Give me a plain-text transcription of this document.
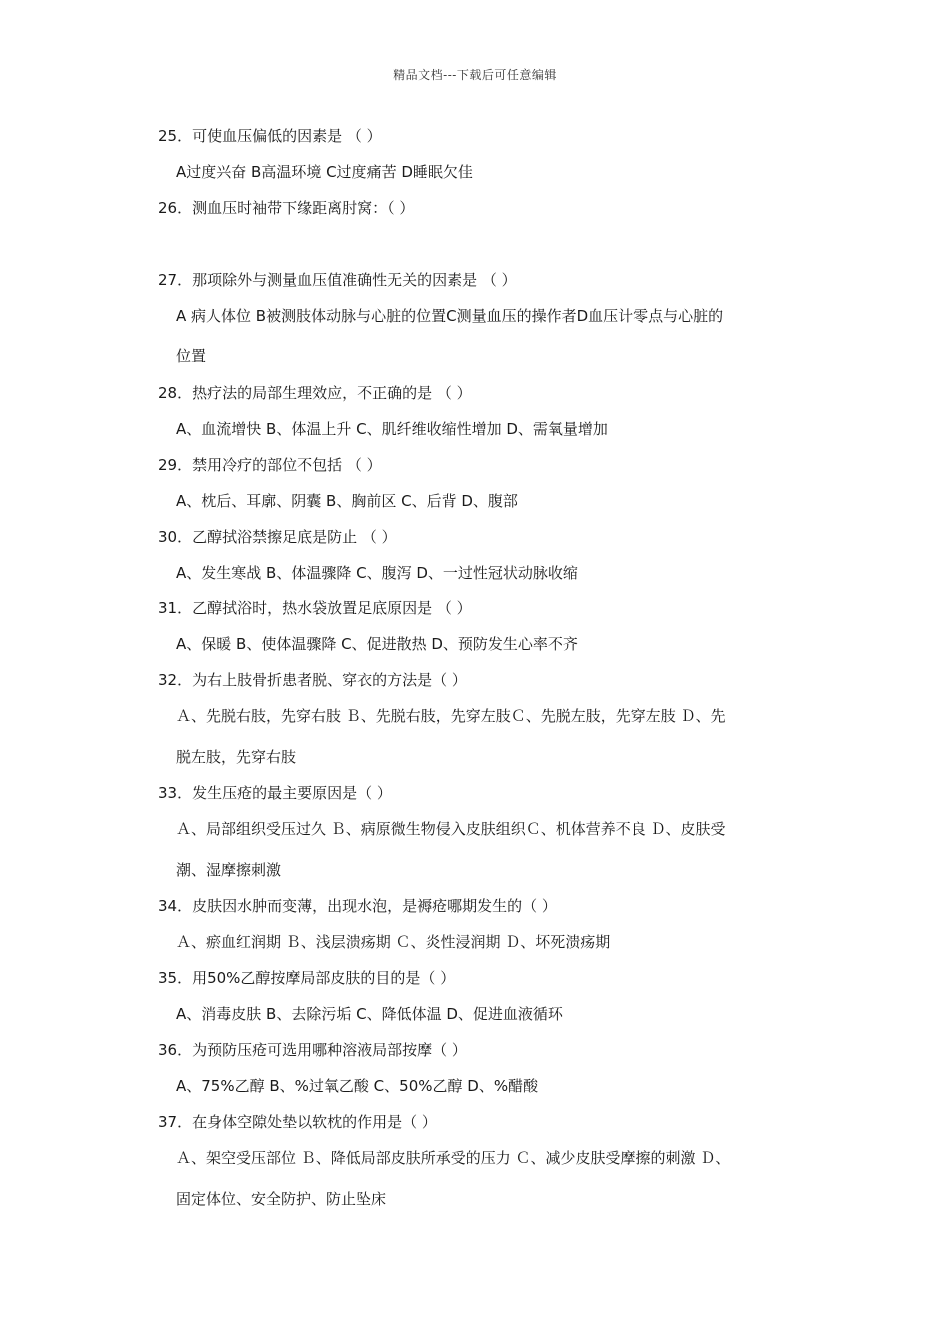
精品文档---下载后可任意编辑
25．可使血压偏低的因素是 （ ）
A过度兴奋 B高温环境 C过度痛苦 D睡眠欠佳
26．测血压时袖带下缘距离肘窝：（ ）
27．那项除外与测量血压值准确性无关的因素是 （ ）
A 病人体位 B被测肢体动脉与心脏的位置C测量血压的操作者D血压计零点与心脏的
位置
28．热疗法的局部生理效应，不正确的是 （ ）
A、血流增快 B、体温上升 C、肌纤维收缩性增加 D、需氧量增加
29．禁用冷疗的部位不包括 （ ）
A、枕后、耳廓、阴囊 B、胸前区 C、后背 D、腹部
30．乙醇拭浴禁擦足底是防止 （ ）
A、发生寒战 B、体温骤降 C、腹泻 D、一过性冠状动脉收缩
31．乙醇拭浴时，热水袋放置足底原因是 （ ）
A、保暖 B、使体温骤降 C、促进散热 D、预防发生心率不齐
32．为右上肢骨折患者脱、穿衣的方法是（ ）
Ａ、先脱右肢，先穿右肢 Ｂ、先脱右肢，先穿左肢Ｃ、先脱左肢，先穿左肢 Ｄ、先
脱左肢，先穿右肢
33．发生压疮的最主要原因是（ ）
Ａ、局部组织受压过久 Ｂ、病原微生物侵入皮肤组织Ｃ、机体营养不良 Ｄ、皮肤受
潮、湿摩擦刺激
34．皮肤因水肿而变薄，出现水泡，是褥疮哪期发生的（ ）
Ａ、瘀血红润期 Ｂ、浅层溃疡期 Ｃ、炎性浸润期 Ｄ、坏死溃疡期
35．用50%乙醇按摩局部皮肤的目的是（ ）
A、消毒皮肤 B、去除污垢 C、降低体温 D、促进血液循环
36．为预防压疮可选用哪种溶液局部按摩（ ）
A、75%乙醇 B、%过氧乙酸 C、50%乙醇 D、%醋酸
37．在身体空隙处垫以软枕的作用是（ ）
Ａ、架空受压部位 Ｂ、降低局部皮肤所承受的压力 Ｃ、减少皮肤受摩擦的刺激 Ｄ、
固定体位、安全防护、防止坠床
